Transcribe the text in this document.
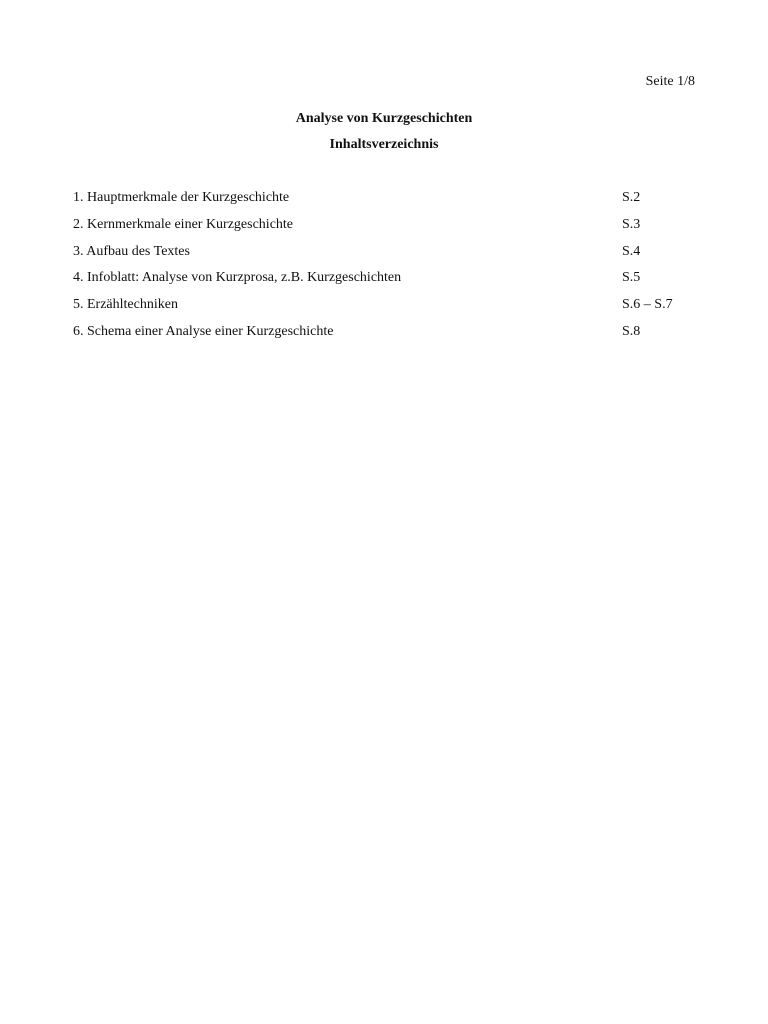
Seite 1/8
Analyse von Kurzgeschichten
Inhaltsverzeichnis
1. Hauptmerkmale der Kurzgeschichte	S.2
2. Kernmerkmale einer Kurzgeschichte	S.3
3. Aufbau des Textes	S.4
4. Infoblatt: Analyse von Kurzprosa, z.B. Kurzgeschichten	S.5
5. Erzähltechniken	S.6 – S.7
6. Schema einer Analyse einer Kurzgeschichte	S.8
